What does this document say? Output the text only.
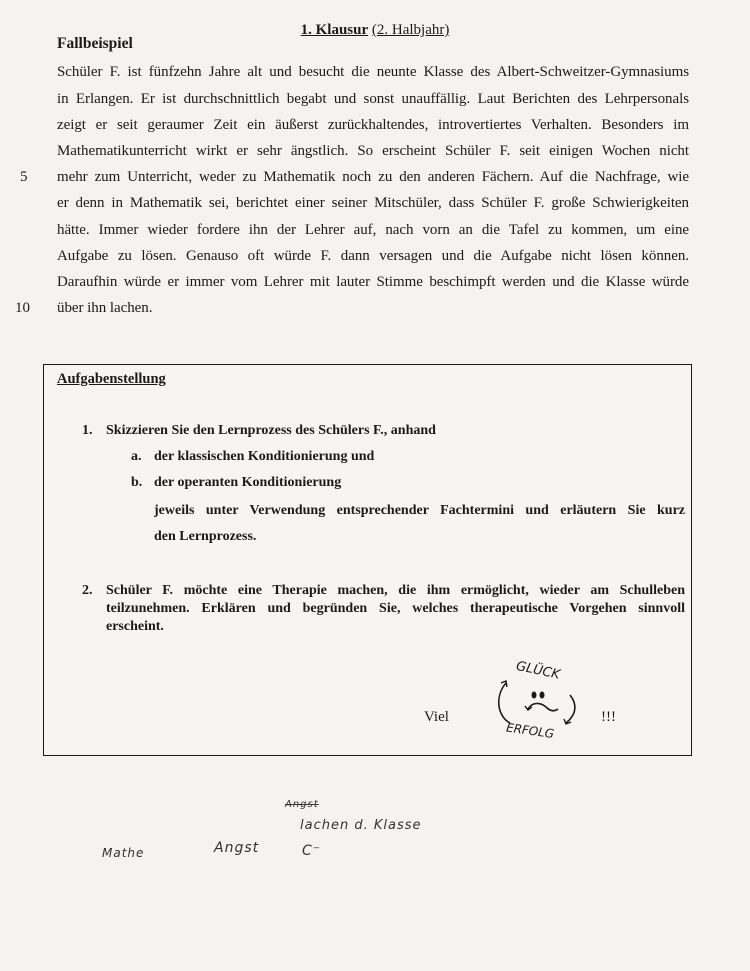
1. Klausur (2. Halbjahr)
Fallbeispiel
Schüler F. ist fünfzehn Jahre alt und besucht die neunte Klasse des Albert-Schweitzer-Gymnasiums
in Erlangen. Er ist durchschnittlich begabt und sonst unauffällig. Laut Berichten des Lehrpersonals
zeigt er seit geraumer Zeit ein äußerst zurückhaltendes, introvertiertes Verhalten. Besonders im
Mathematikunterricht wirkt er sehr ängstlich. So erscheint Schüler F. seit einigen Wochen nicht
mehr zum Unterricht, weder zu Mathematik noch zu den anderen Fächern. Auf die Nachfrage, wie
er denn in Mathematik sei, berichtet einer seiner Mitschüler, dass Schüler F. große Schwierigkeiten
hätte. Immer wieder fordere ihn der Lehrer auf, nach vorn an die Tafel zu kommen, um eine
Aufgabe zu lösen. Genauso oft würde F. dann versagen und die Aufgabe nicht lösen können.
Daraufhin würde er immer vom Lehrer mit lauter Stimme beschimpft werden und die Klasse würde
über ihn lachen.
5
10
Aufgabenstellung
1. Skizzieren Sie den Lernprozess des Schülers F., anhand
a. der klassischen Konditionierung und
b. der operanten Konditionierung
jeweils unter Verwendung entsprechender Fachtermini und erläutern Sie kurz
den Lernprozess.
2. Schüler F. möchte eine Therapie machen, die ihm ermöglicht, wieder am Schulleben
teilzunehmen. Erklären und begründen Sie, welches therapeutische Vorgehen sinnvoll
erscheint.
Viel
GLÜCK
ERFOLG
!!!
Mathe	Angst
Angst
lachen d. Klasse
C⁻
